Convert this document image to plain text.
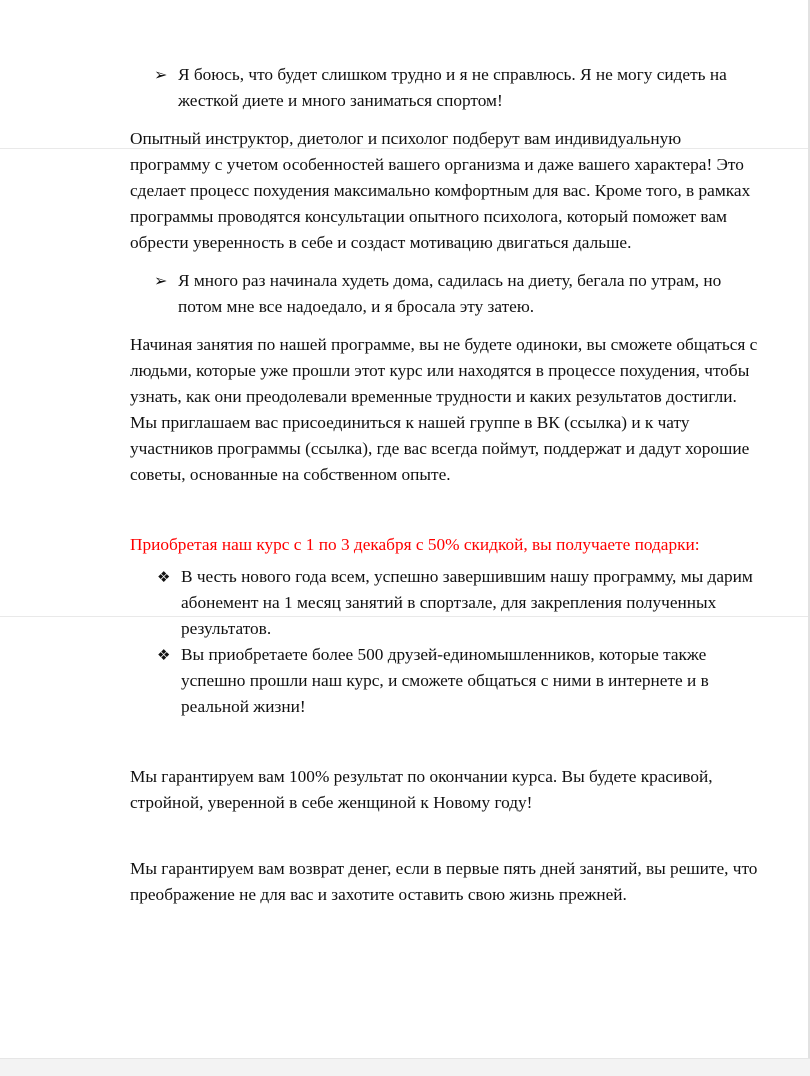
➢ Я боюсь, что будет слишком трудно и я не справлюсь. Я не могу сидеть на жесткой диете и много заниматься спортом!

Опытный инструктор, диетолог и психолог подберут вам индивидуальную программу с учетом особенностей вашего организма и даже вашего характера! Это сделает процесс похудения максимально комфортным для вас. Кроме того, в рамках программы проводятся консультации опытного психолога, который поможет вам обрести уверенность в себе и создаст мотивацию двигаться дальше.

➢ Я много раз начинала худеть дома, садилась на диету, бегала по утрам, но потом мне все надоедало, и я бросала эту затею.

Начиная занятия по нашей программе, вы не будете одиноки, вы сможете общаться с людьми, которые уже прошли этот курс или находятся в процессе похудения, чтобы узнать, как они преодолевали временные трудности и каких результатов достигли. Мы приглашаем вас присоединиться к нашей группе в ВК (ссылка) и к чату участников программы (ссылка), где вас всегда поймут, поддержат и дадут хорошие советы, основанные на собственном опыте.

Приобретая наш курс с 1 по 3 декабря с 50% скидкой, вы получаете подарки:

❖ В честь нового года всем, успешно завершившим нашу программу, мы дарим абонемент на 1 месяц занятий в спортзале, для закрепления полученных результатов.
❖ Вы приобретаете более 500 друзей-единомышленников, которые также успешно прошли наш курс, и сможете общаться с ними в интернете и в реальной жизни!

Мы гарантируем вам 100% результат по окончании курса. Вы будете красивой, стройной, уверенной в себе женщиной к Новому году!

Мы гарантируем вам возврат денег, если в первые пять дней занятий, вы решите, что преображение не для вас и захотите оставить свою жизнь прежней.
